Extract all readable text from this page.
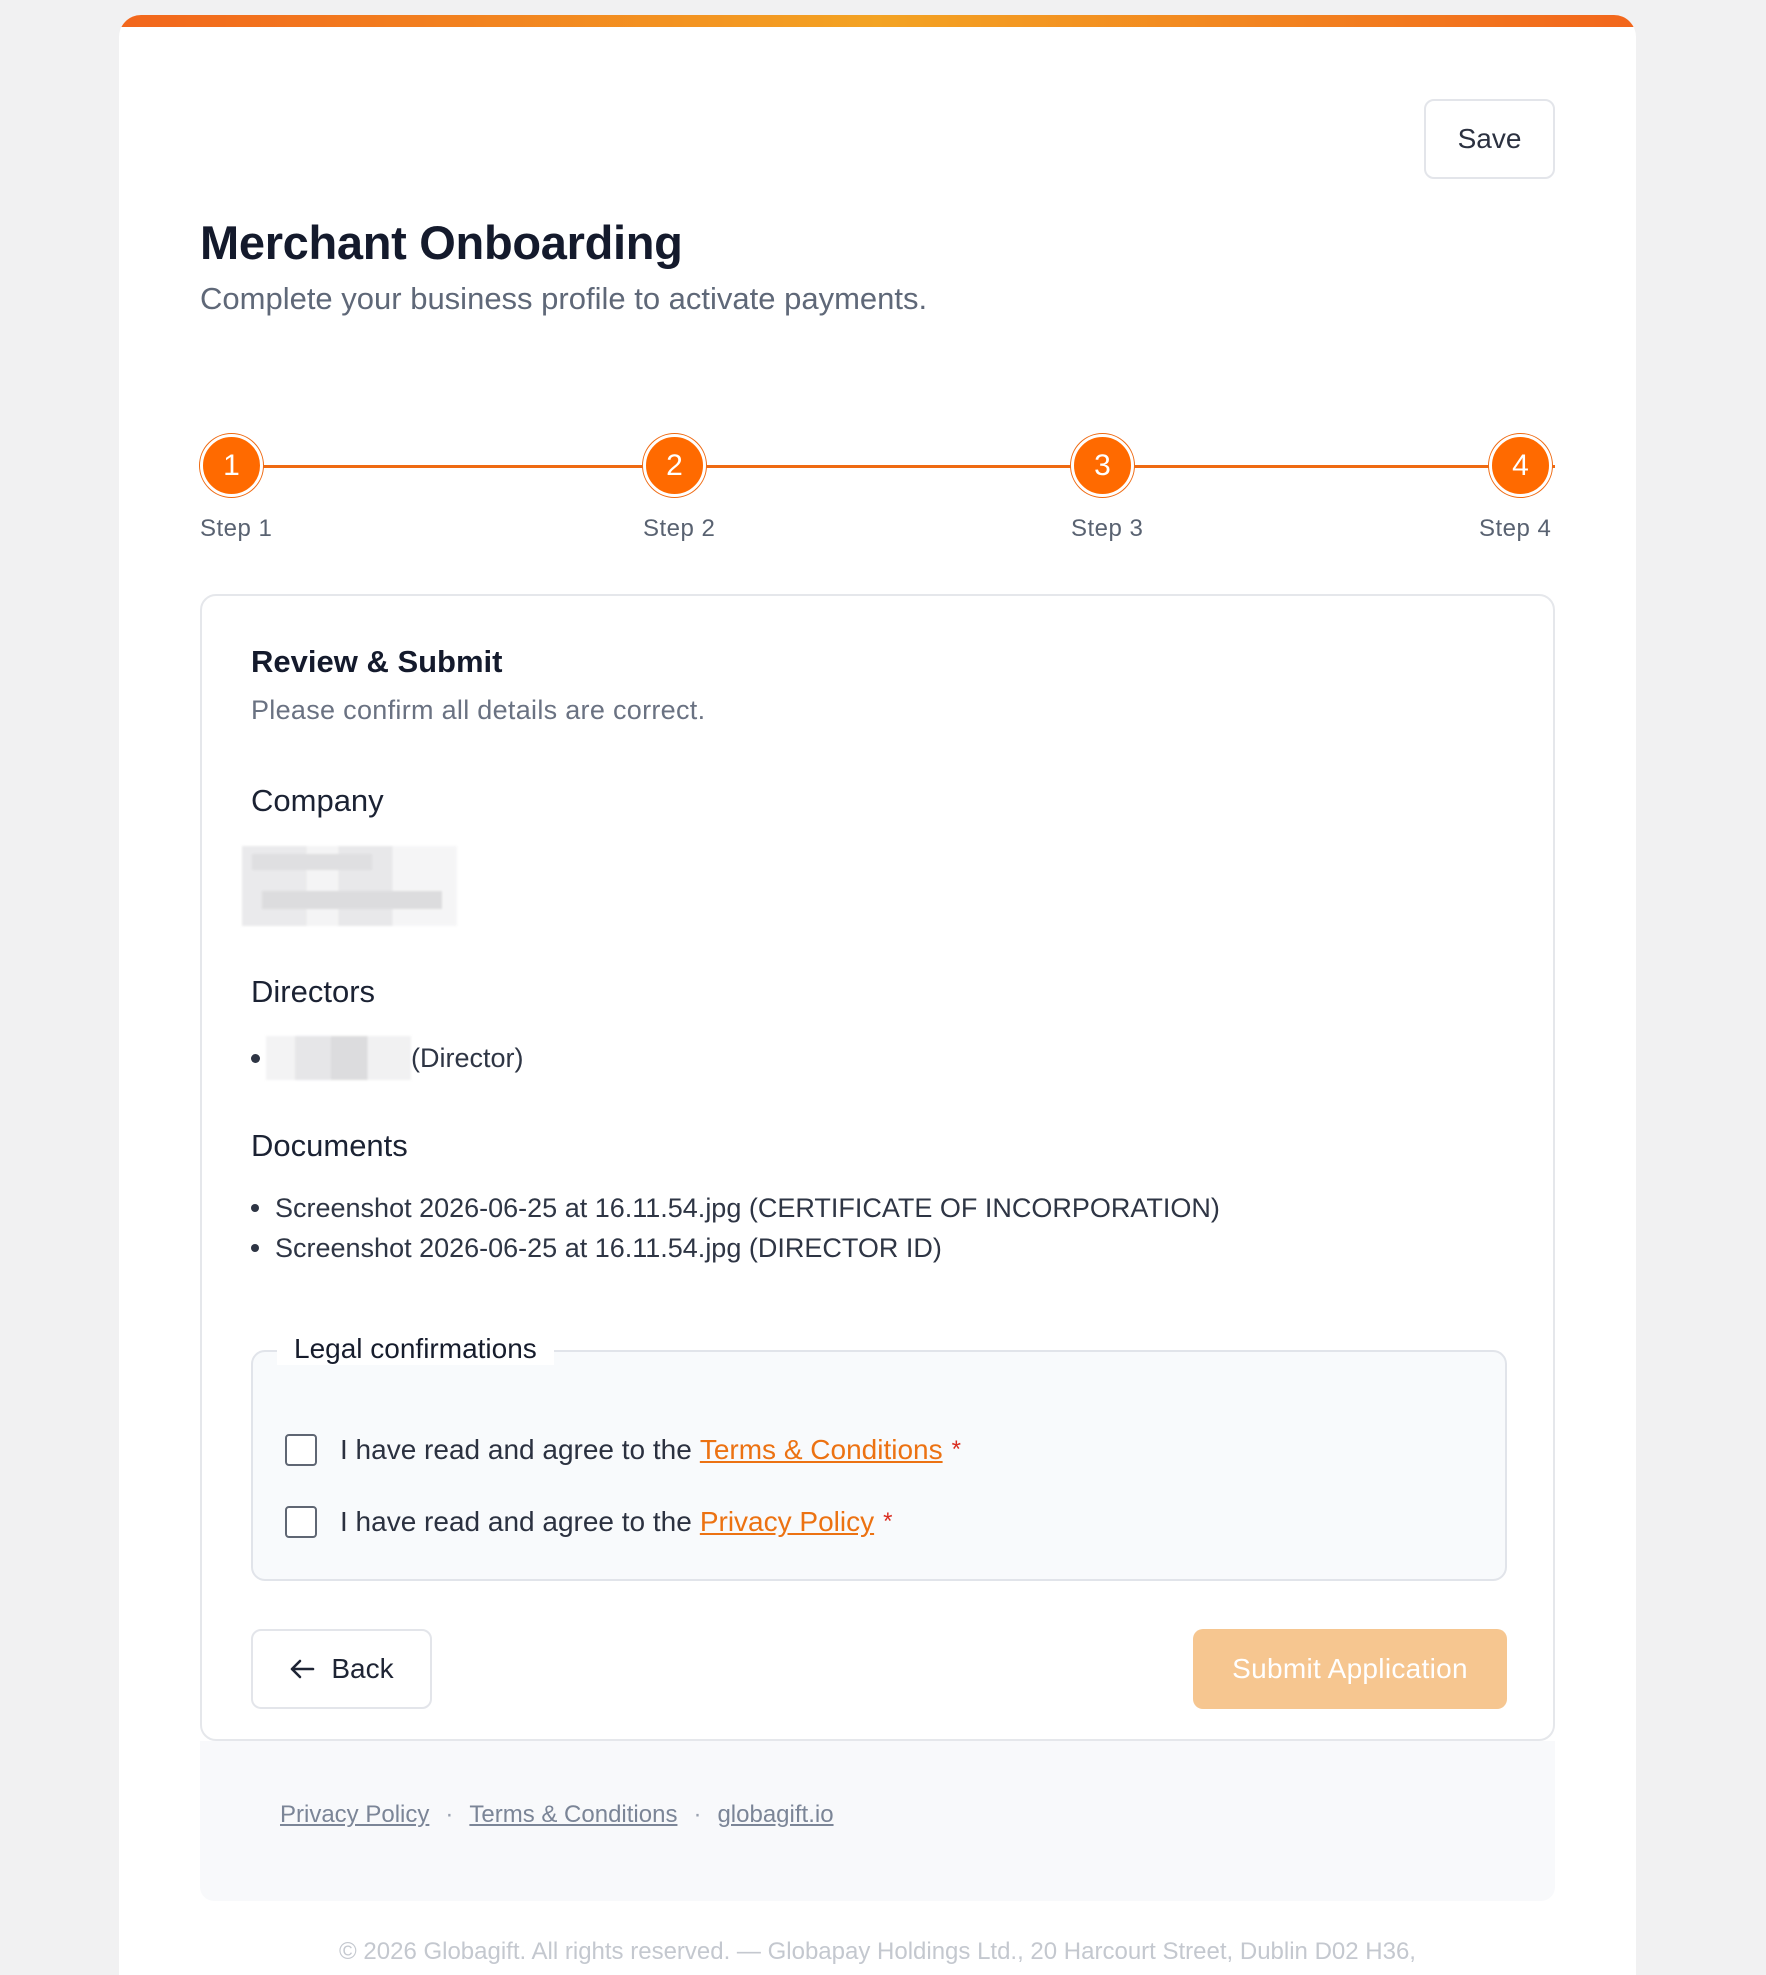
Save
Merchant Onboarding
Complete your business profile to activate payments.
1
Step 1
2
Step 2
3
Step 3
4
Step 4
Review & Submit
Please confirm all details are correct.
Company
Directors
(Director)
Documents
Screenshot 2026-06-25 at 16.11.54.jpg (CERTIFICATE OF INCORPORATION)
Screenshot 2026-06-25 at 16.11.54.jpg (DIRECTOR ID)
Legal confirmations
I have read and agree to the Terms & Conditions *
I have read and agree to the Privacy Policy *
Back	Submit Application
Privacy Policy · Terms & Conditions · globagift.io
© 2026 Globagift. All rights reserved. — Globapay Holdings Ltd., 20 Harcourt Street, Dublin D02 H36,
